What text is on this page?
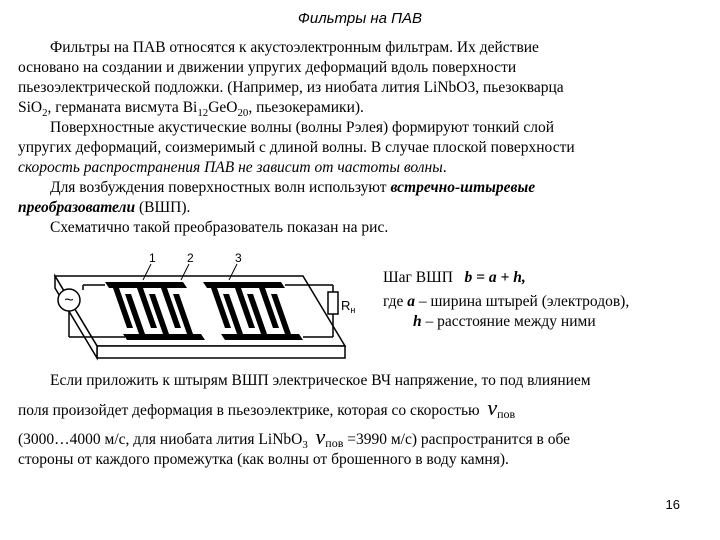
Фильтры на ПАВ
Фильтры на ПАВ относятся к акустоэлектронным фильтрам. Их действие
основано на создании и движении упругих деформаций вдоль поверхности
пьезоэлектрической подложки. (Например, из ниобата лития LiNbO3, пьезокварца
SiO$_2$, германата висмута $Bi_{12}GeO_{20}$, пьезокерамики).
Поверхностные акустические волны (волны Рэлея) формируют тонкий слой
упругих деформаций, соизмеримый с длиной волны. В случае плоской поверхности
скорость распространения ПАВ не зависит от частоты волны.
Для возбуждения поверхностных волн используют встречно-штыревые
преобразователи (ВШП).
Схематично такой преобразователь показан на рис.
~	$R_н$
1	2	3
Шаг ВШП b = a + h,
где a – ширина штырей (электродов),
h – расстояние между ними
Если приложить к штырям ВШП электрическое ВЧ напряжение, то под влиянием
поля произойдет деформация в пьезоэлектрике, которая со скоростью vпов
(3000…4000 м/с, для ниобата лития LiNbO$_3$ vпов =3990 м/с) распространится в обе
стороны от каждого промежутка (как волны от брошенного в воду камня).
16
